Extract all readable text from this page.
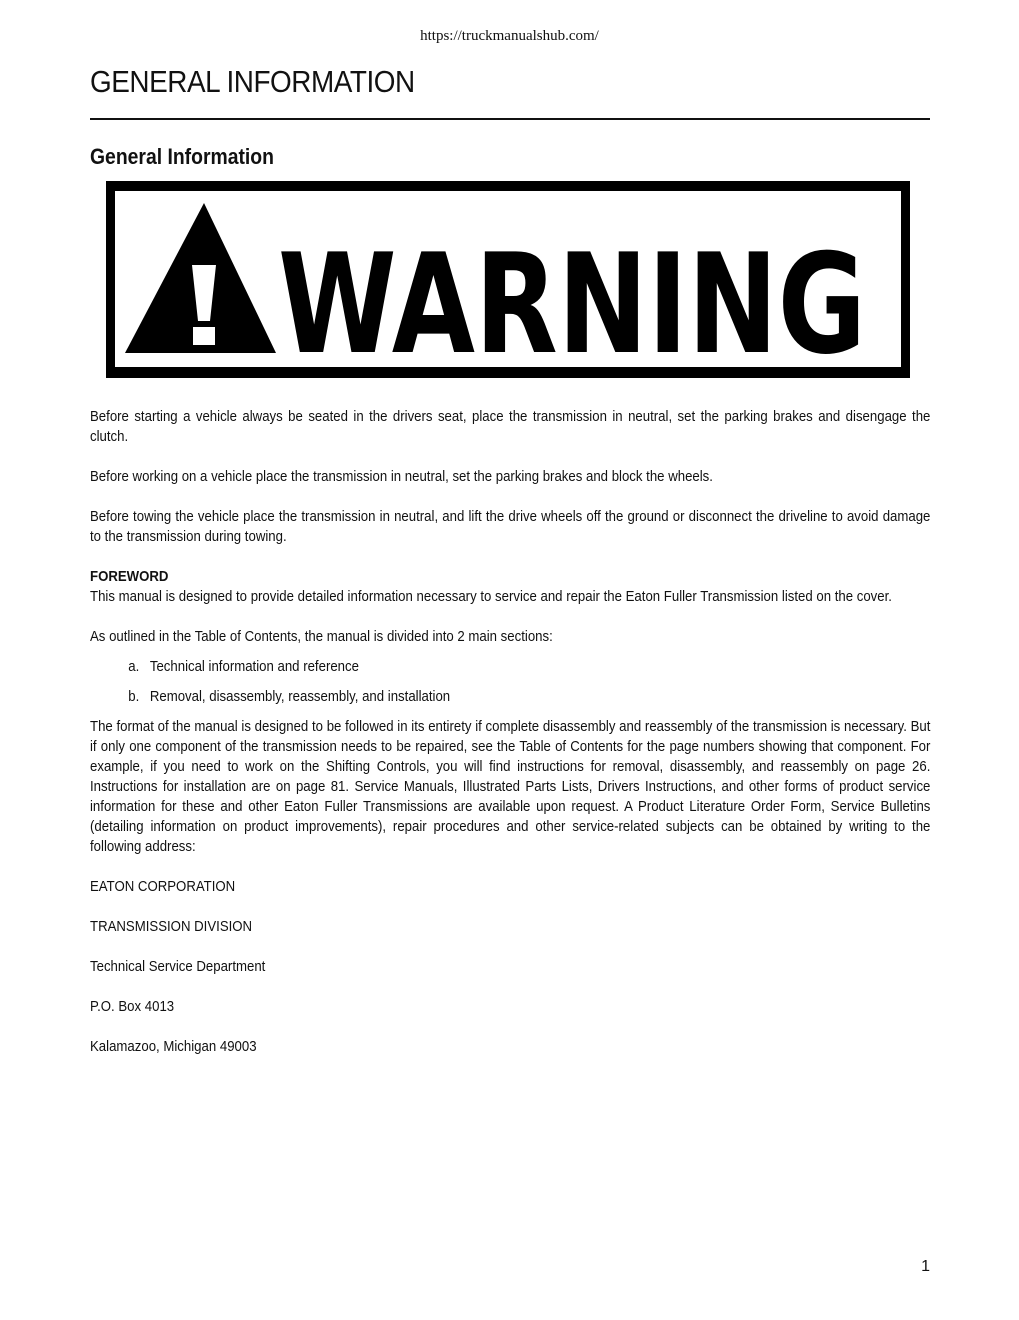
https://truckmanualshub.com/
GENERAL INFORMATION
General Information
WARNING

Before starting a vehicle always be seated in the drivers seat, place the transmission in neutral, set the parking brakes and disengage the clutch.

Before working on a vehicle place the transmission in neutral, set the parking brakes and block the wheels.

Before towing the vehicle place the transmission in neutral, and lift the drive wheels off the ground or disconnect the driveline to avoid damage to the transmission during towing.

FOREWORD

This manual is designed to provide detailed information necessary to service and repair the Eaton Fuller Transmission listed on the cover.

As outlined in the Table of Contents, the manual is divided into 2 main sections:

a. Technical information and reference
b. Removal, disassembly, reassembly, and installation

The format of the manual is designed to be followed in its entirety if complete disassembly and reassembly of the transmission is necessary. But if only one component of the transmission needs to be repaired, see the Table of Contents for the page numbers showing that component. For example, if you need to work on the Shifting Controls, you will find instructions for removal, disassembly, and reassembly on page 26. Instructions for installation are on page 81. Service Manuals, Illustrated Parts Lists, Drivers Instructions, and other forms of product service information for these and other Eaton Fuller Transmissions are available upon request. A Product Literature Order Form, Service Bulletins (detailing information on product improvements), repair procedures and other service-related subjects can be obtained by writing to the following address:

EATON CORPORATION
TRANSMISSION DIVISION
Technical Service Department
P.O. Box 4013
Kalamazoo, Michigan 49003
1
